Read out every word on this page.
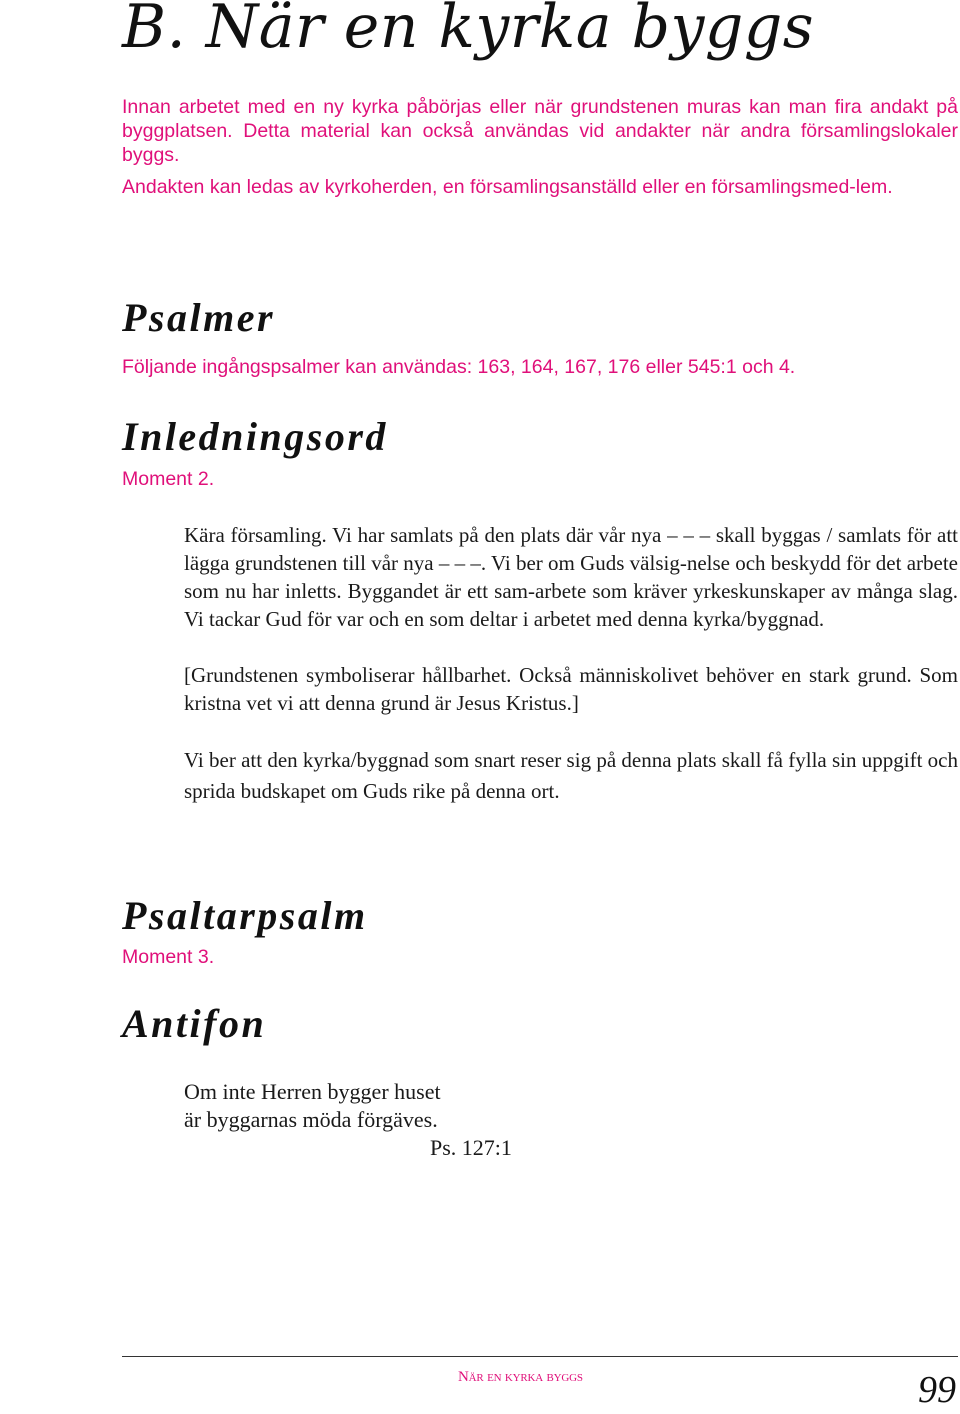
B. När en kyrka byggs

Innan arbetet med en ny kyrka påbörjas eller när grundstenen muras kan man fira andakt på byggplatsen. Detta material kan också användas vid andakter när andra församlingslokaler byggs.

Andakten kan ledas av kyrkoherden, en församlingsanställd eller en församlingsmed-lem.

Psalmer

Följande ingångspsalmer kan användas: 163, 164, 167, 176 eller 545:1 och 4.

Inledningsord

Moment 2.

Kära församling. Vi har samlats på den plats där vår nya – – – skall byggas / samlats för att lägga grundstenen till vår nya – – –. Vi ber om Guds välsig-nelse och beskydd för det arbete som nu har inletts. Byggandet är ett sam-arbete som kräver yrkeskunskaper av många slag. Vi tackar Gud för var och en som deltar i arbetet med denna kyrka/byggnad.

[Grundstenen symboliserar hållbarhet. Också människolivet behöver en stark grund. Som kristna vet vi att denna grund är Jesus Kristus.]

Vi ber att den kyrka/byggnad som snart reser sig på denna plats skall få fylla sin uppgift och sprida budskapet om Guds rike på denna ort.

Psaltarpsalm

Moment 3.

Antifon
Om inte Herren bygger huset
är byggarnas möda förgäves.
Ps. 127:1
När en kyrka byggs	99
